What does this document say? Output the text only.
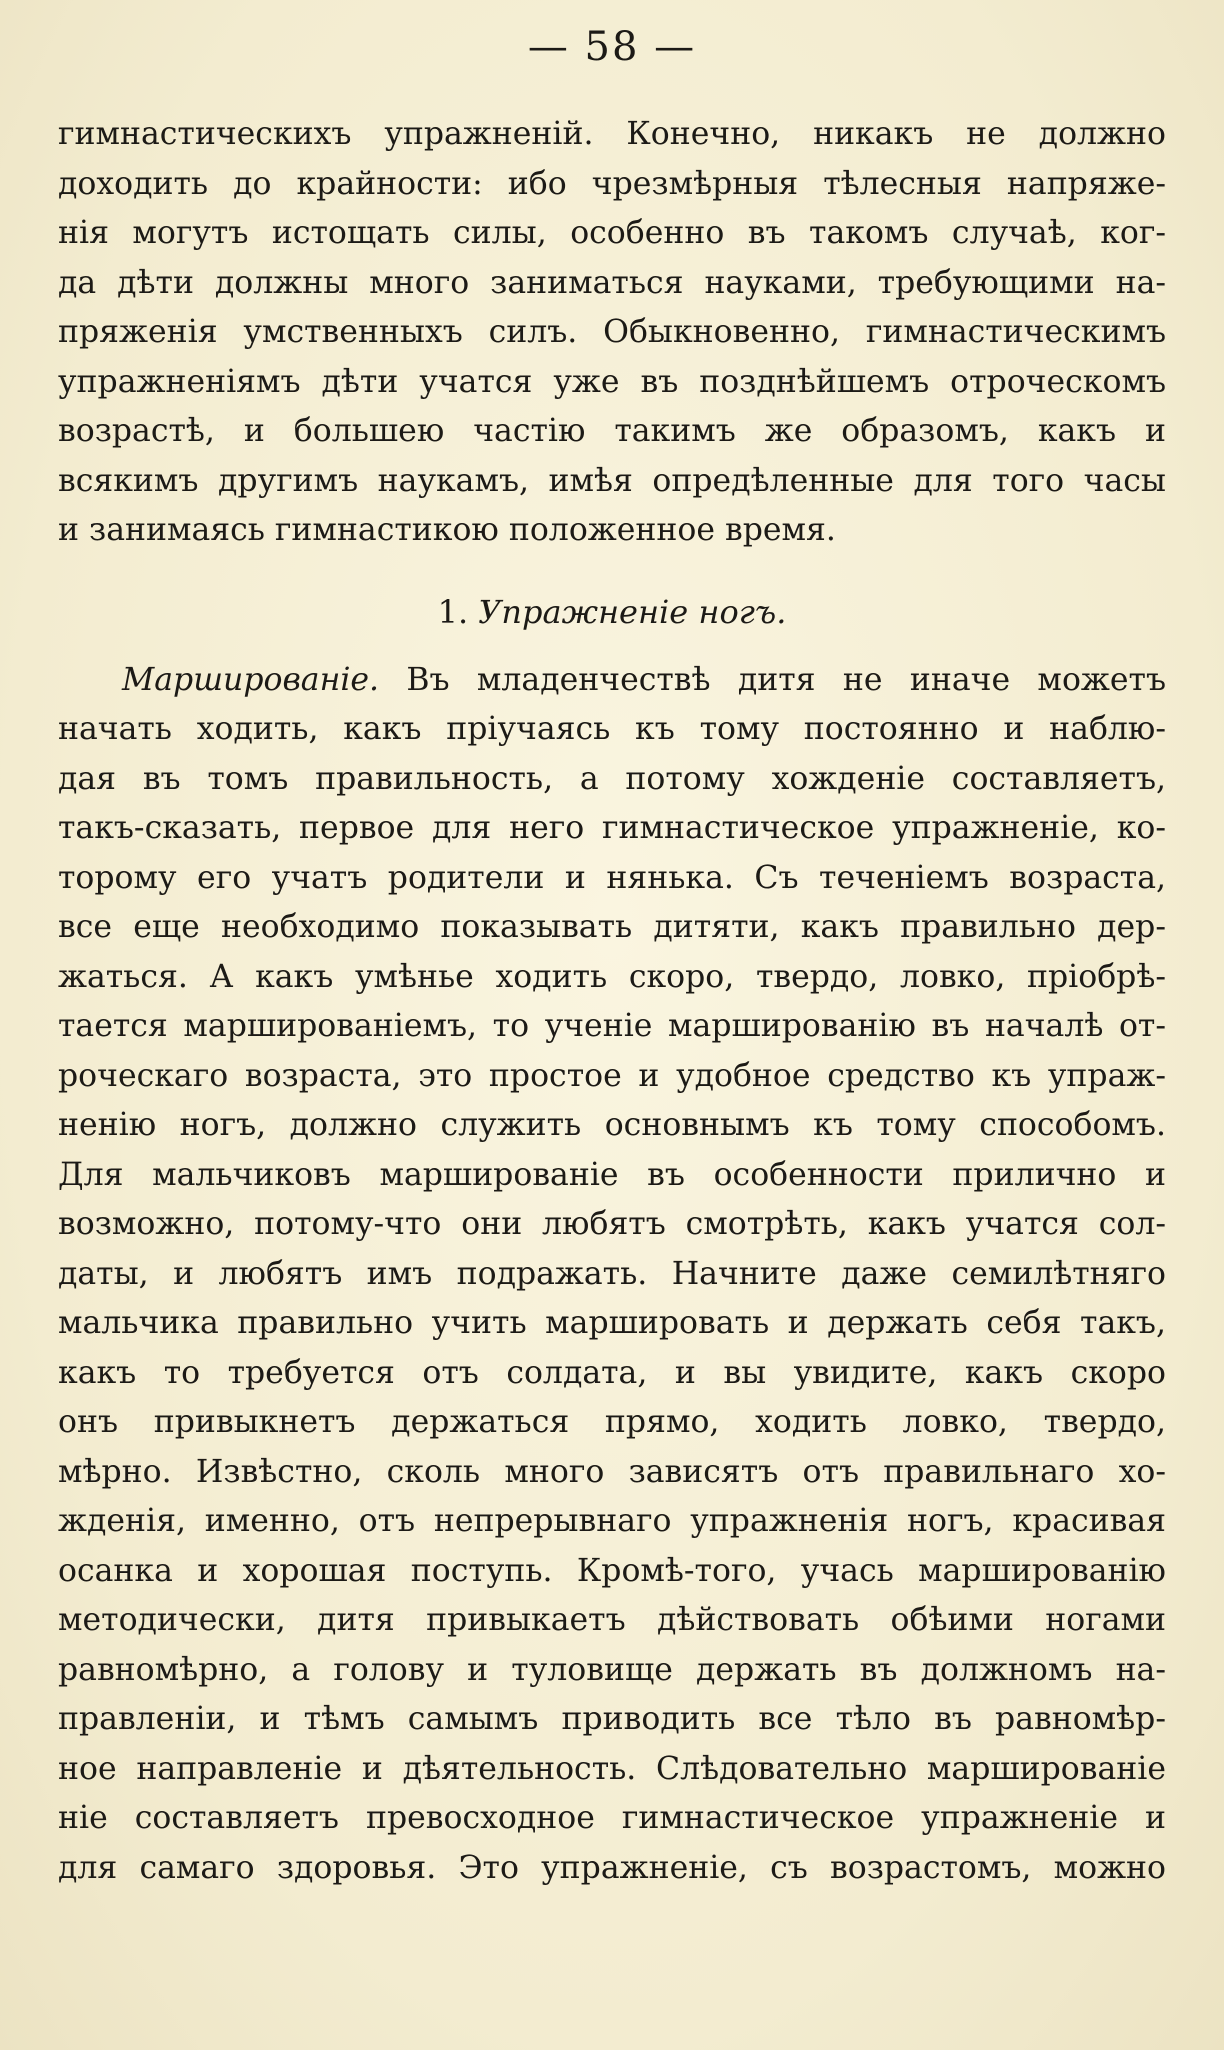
— 58 —
гимнастическихъ упражненій. Конечно, никакъ не должно
доходить до крайности: ибо чрезмѣрныя тѣлесныя напряже-
нія могутъ истощать силы, особенно въ такомъ случаѣ, ког-
да дѣти должны много заниматься науками, требующими на-
пряженія умственныхъ силъ. Обыкновенно, гимнастическимъ
упражненіямъ дѣти учатся уже въ позднѣйшемъ отроческомъ
возрастѣ, и большею частію такимъ же образомъ, какъ и
всякимъ другимъ наукамъ, имѣя опредѣленные для того часы
и занимаясь гимнастикою положенное время.
1. Упражненіе ногъ.
Маршированіе. Въ младенчествѣ дитя не иначе можетъ
начать ходить, какъ пріучаясь къ тому постоянно и наблю-
дая въ томъ правильность, а потому хожденіе составляетъ,
такъ-сказать, первое для него гимнастическое упражненіе, ко-
торому его учатъ родители и нянька. Съ теченіемъ возраста,
все еще необходимо показывать дитяти, какъ правильно дер-
жаться. А какъ умѣнье ходить скоро, твердо, ловко, пріобрѣ-
тается маршированіемъ, то ученіе маршированію въ началѣ от-
роческаго возраста, это простое и удобное средство къ упраж-
ненію ногъ, должно служить основнымъ къ тому способомъ.
Для мальчиковъ маршированіе въ особенности прилично и
возможно, потому-что они любятъ смотрѣть, какъ учатся сол-
даты, и любятъ имъ подражать. Начните даже семилѣтняго
мальчика правильно учить маршировать и держать себя такъ,
какъ то требуется отъ солдата, и вы увидите, какъ скоро
онъ привыкнетъ держаться прямо, ходить ловко, твердо,
мѣрно. Извѣстно, сколь много зависятъ отъ правильнаго хо-
жденія, именно, отъ непрерывнаго упражненія ногъ, красивая
осанка и хорошая поступь. Кромѣ-того, учась маршированію
методически, дитя привыкаетъ дѣйствовать обѣими ногами
равномѣрно, а голову и туловище держать въ должномъ на-
правленіи, и тѣмъ самымъ приводить все тѣло въ равномѣр-
ное направленіе и дѣятельность. Слѣдовательно маршированіе
ніе составляетъ превосходное гимнастическое упражненіе и
для самаго здоровья. Это упражненіе, съ возрастомъ, можно
